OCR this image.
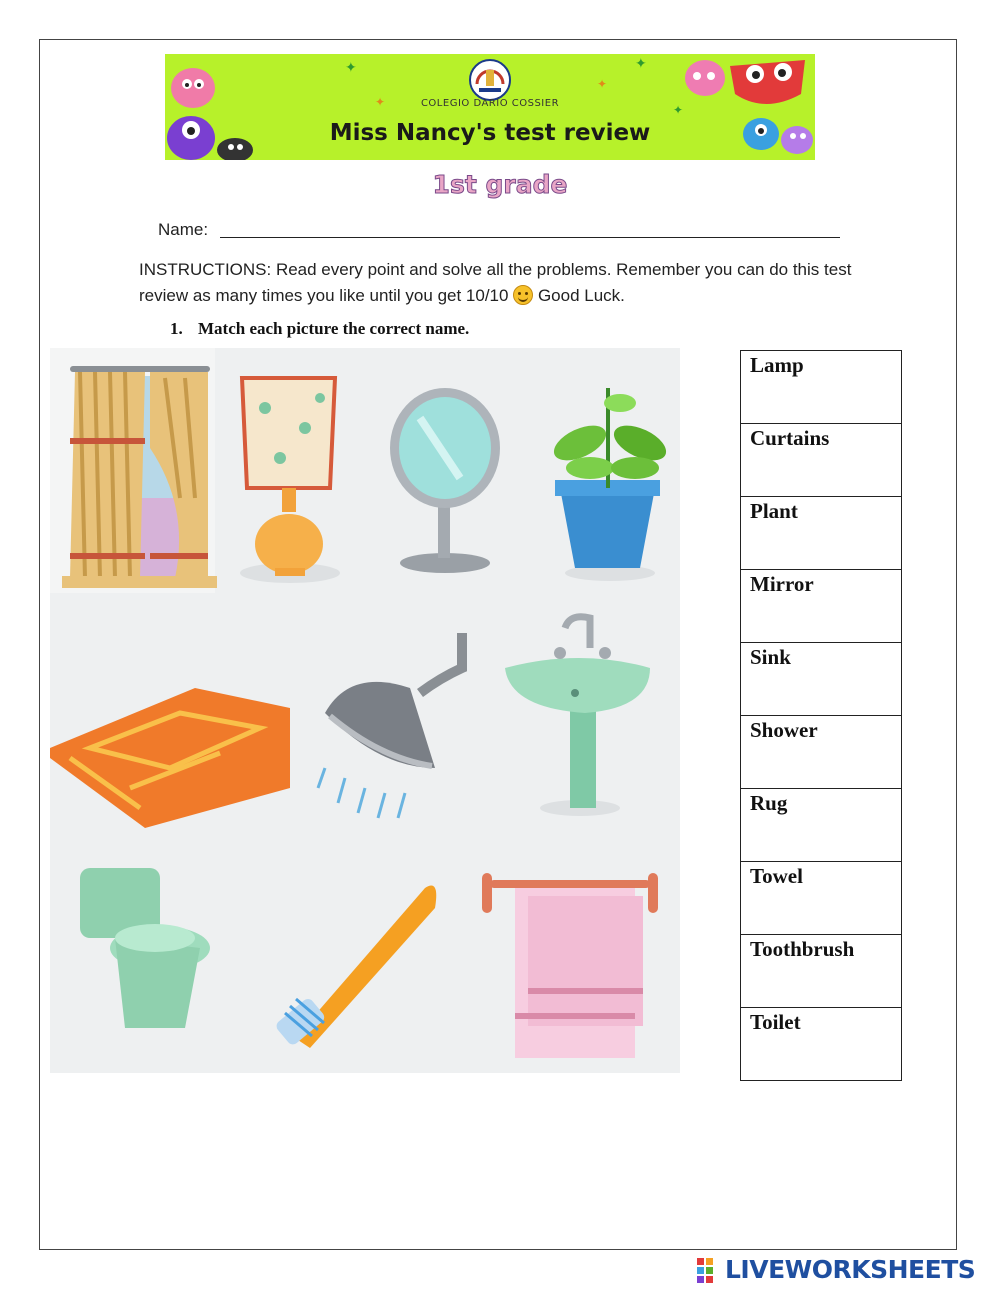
✦
✦
✦
✦
✦
COLEGIO DARÍO COSSIER
Miss Nancy's test review
1st grade
Name:
INSTRUCTIONS: Read every point and solve all the problems. Remember you can do this test review as many times you like until you get 10/10 Good Luck.
1. Match each picture the correct name.
Lamp
Curtains
Plant
Mirror
Sink
Shower
Rug
Towel
Toothbrush
Toilet
LIVEWORKSHEETS
